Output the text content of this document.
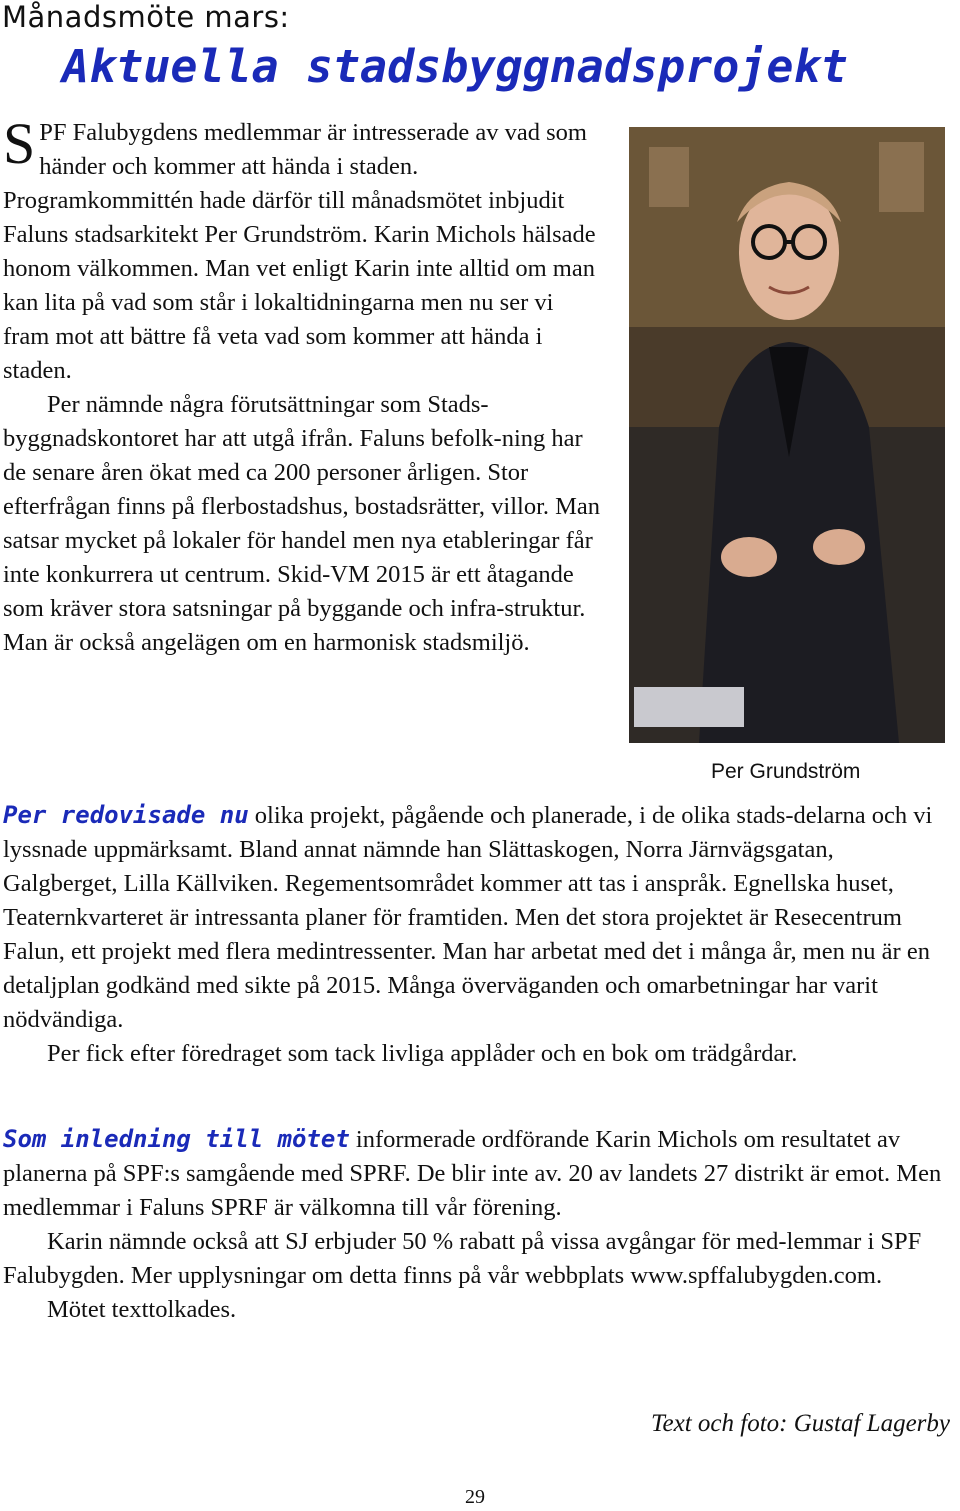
Månadsmöte mars:
Aktuella stadsbyggnadsprojekt

SPF Falubygdens medlemmar är intresserade av vad som händer och kommer att hända i staden. Programkommittén hade därför till månadsmötet inbjudit Faluns stadsarkitekt Per Grundström. Karin Michols hälsade honom välkommen. Man vet enligt Karin inte alltid om man kan lita på vad som står i lokaltidningarna men nu ser vi fram mot att bättre få veta vad som kommer att hända i staden.

Per nämnde några förutsättningar som Stads-byggnadskontoret har att utgå ifrån. Faluns befolk-ning har de senare åren ökat med ca 200 personer årligen. Stor efterfrågan finns på flerbostadshus, bostadsrätter, villor. Man satsar mycket på lokaler för handel men nya etableringar får inte konkurrera ut centrum. Skid-VM 2015 är ett åtagande som kräver stora satsningar på byggande och infra-struktur. Man är också angelägen om en harmonisk stadsmiljö.

Per Grundström

Per redovisade nu olika projekt, pågående och planerade, i de olika stads-delarna och vi lyssnade uppmärksamt. Bland annat nämnde han Slättaskogen, Norra Järnvägsgatan, Galgberget, Lilla Källviken. Regementsområdet kommer att tas i anspråk. Egnellska huset, Teaternkvarteret är intressanta planer för framtiden. Men det stora projektet är Resecentrum Falun, ett projekt med flera medintressenter. Man har arbetat med det i många år, men nu är en detaljplan godkänd med sikte på 2015. Många överväganden och omarbetningar har varit nödvändiga.

Per fick efter föredraget som tack livliga applåder och en bok om trädgårdar.

Som inledning till mötet informerade ordförande Karin Michols om resultatet av planerna på SPF:s samgående med SPRF. De blir inte av. 20 av landets 27 distrikt är emot. Men medlemmar i Faluns SPRF är välkomna till vår förening.

Karin nämnde också att SJ erbjuder 50 % rabatt på vissa avgångar för med-lemmar i SPF Falubygden. Mer upplysningar om detta finns på vår webbplats www.spffalubygden.com.

Mötet texttolkades.

Text och foto: Gustaf Lagerby
29
